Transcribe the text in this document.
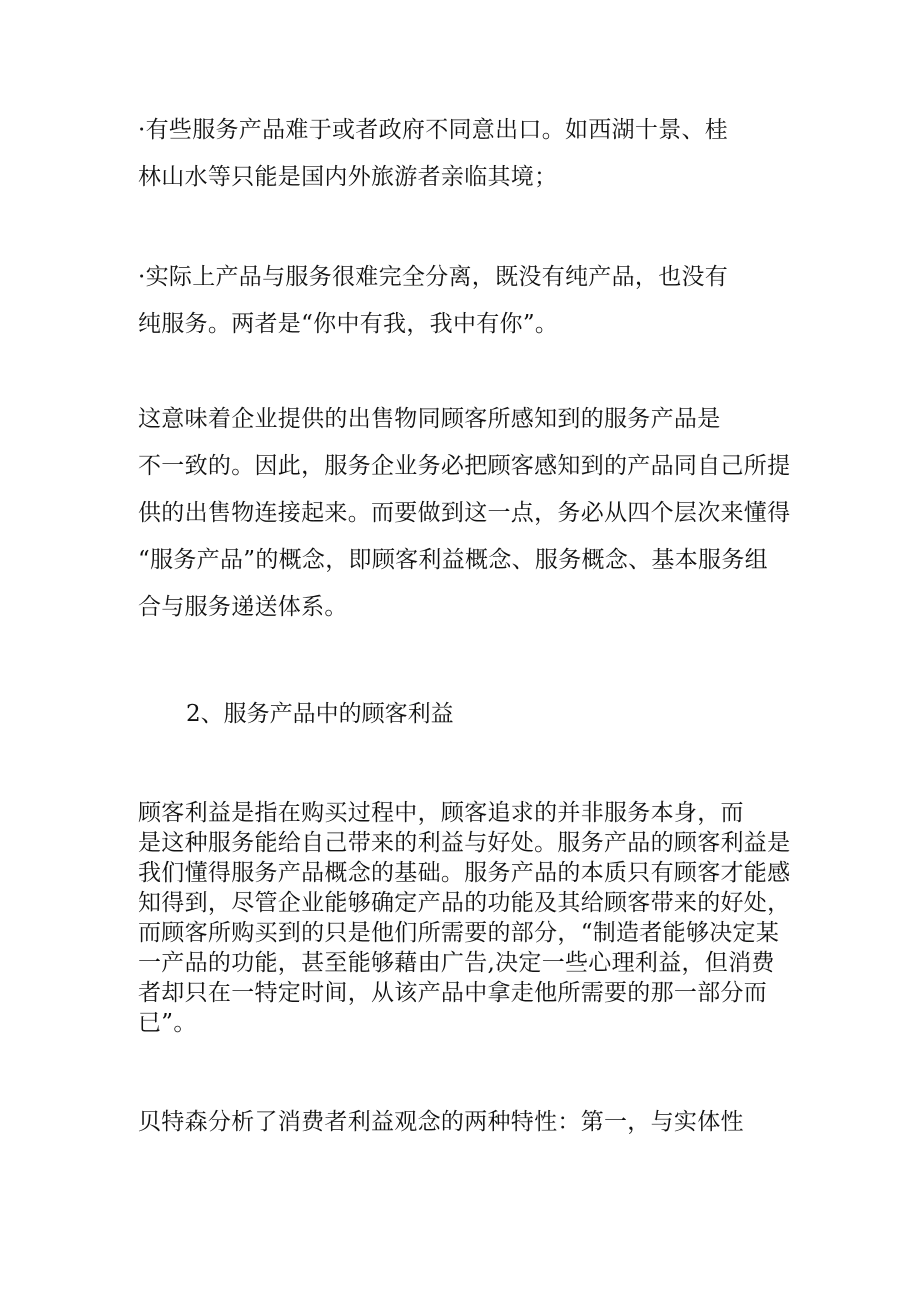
·有些服务产品难于或者政府不同意出口。如西湖十景、桂
林山水等只能是国内外旅游者亲临其境；

·实际上产品与服务很难完全分离，既没有纯产品，也没有
纯服务。两者是“你中有我，我中有你”。

这意味着企业提供的出售物同顾客所感知到的服务产品是
不一致的。因此，服务企业务必把顾客感知到的产品同自己所提
供的出售物连接起来。而要做到这一点，务必从四个层次来懂得
“服务产品”的概念，即顾客利益概念、服务概念、基本服务组
合与服务递送体系。

2、服务产品中的顾客利益

顾客利益是指在购买过程中，顾客追求的并非服务本身，而
是这种服务能给自己带来的利益与好处。服务产品的顾客利益是
我们懂得服务产品概念的基础。服务产品的本质只有顾客才能感
知得到，尽管企业能够确定产品的功能及其给顾客带来的好处，
而顾客所购买到的只是他们所需要的部分，“制造者能够决定某
一产品的功能，甚至能够藉由广告,决定一些心理利益，但消费
者却只在一特定时间，从该产品中拿走他所需要的那一部分而
已”。

贝特森分析了消费者利益观念的两种特性：第一，与实体性
